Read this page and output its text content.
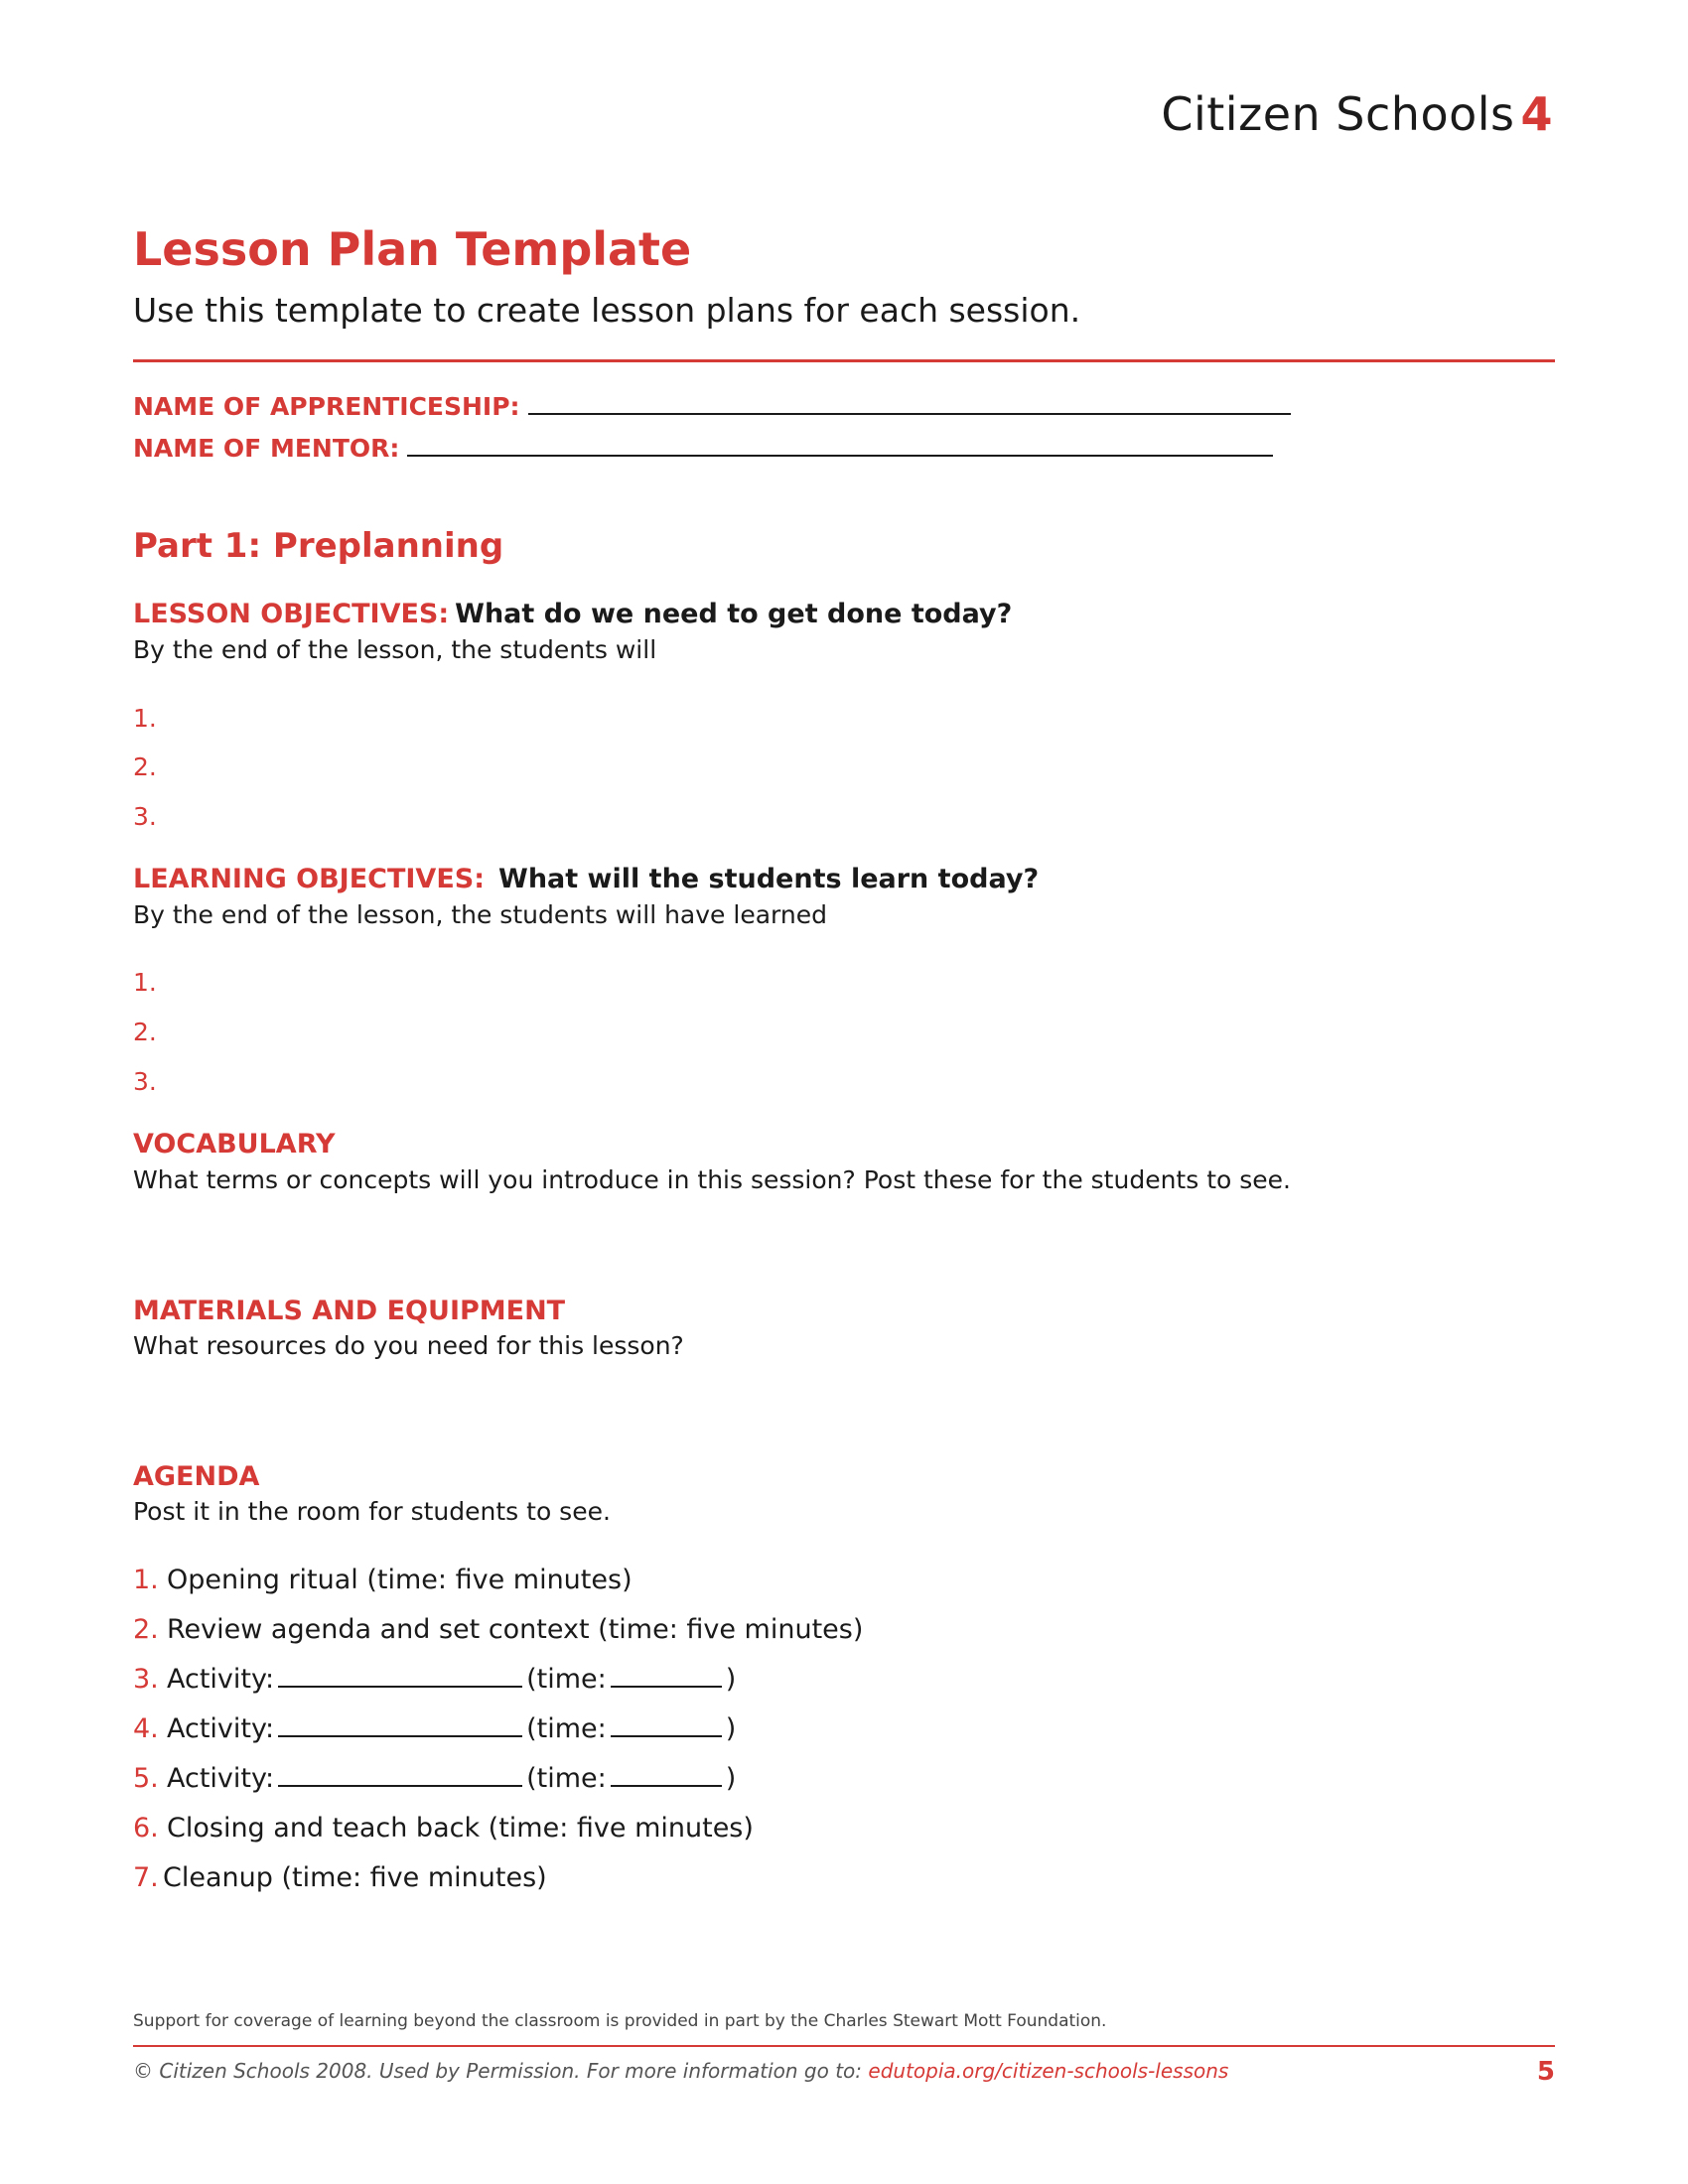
Citizen Schools 4
Lesson Plan Template
Use this template to create lesson plans for each session.
NAME OF APPRENTICESHIP:
NAME OF MENTOR:
Part 1: Preplanning
LESSON OBJECTIVES: What do we need to get done today?
By the end of the lesson, the students will
1.
2.
3.
LEARNING OBJECTIVES: What will the students learn today?
By the end of the lesson, the students will have learned
1.
2.
3.
VOCABULARY
What terms or concepts will you introduce in this session? Post these for the students to see.
MATERIALS AND EQUIPMENT
What resources do you need for this lesson?
AGENDA
Post it in the room for students to see.
1. Opening ritual (time: five minutes)
2. Review agenda and set context (time: five minutes)
3. Activity:	(time:	)
4. Activity:	(time:	)
5. Activity:	(time:	)
6. Closing and teach back (time: five minutes)
7. Cleanup (time: five minutes)
Support for coverage of learning beyond the classroom is provided in part by the Charles Stewart Mott Foundation.
© Citizen Schools 2008. Used by Permission. For more information go to: edutopia.org/citizen-schools-lessons	5
